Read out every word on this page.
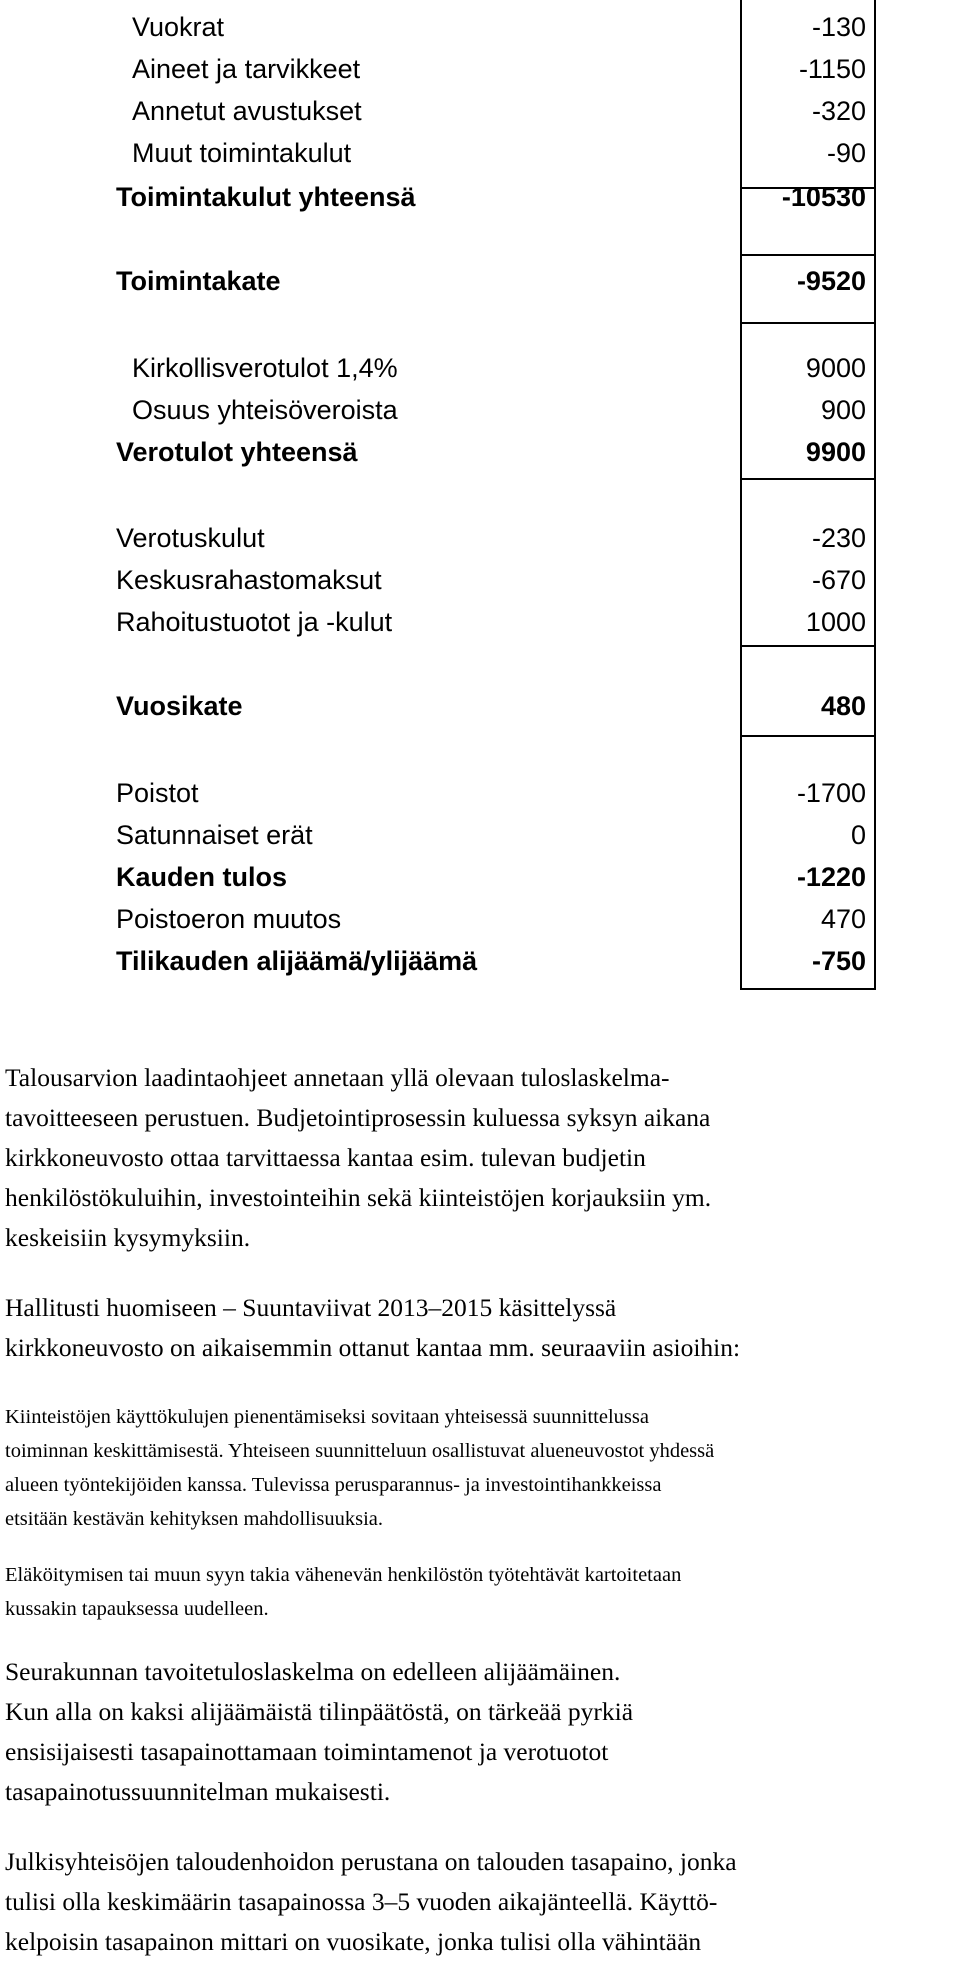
Vuokrat	-130
Aineet ja tarvikkeet	-1150
Annetut avustukset	-320
Muut toimintakulut	-90
Toimintakulut yhteensä	-10530
Toimintakate	-9520
Kirkollisverotulot 1,4%	9000
Osuus yhteisöveroista	900
Verotulot yhteensä	9900
Verotuskulut	-230
Keskusrahastomaksut	-670
Rahoitustuotot ja -kulut	1000
Vuosikate	480
Poistot	-1700
Satunnaiset erät	0
Kauden tulos	-1220
Poistoeron muutos	470
Tilikauden alijäämä/ylijäämä	-750
Talousarvion laadintaohjeet annetaan yllä olevaan tuloslaskelma-
tavoitteeseen perustuen. Budjetointiprosessin kuluessa syksyn aikana
kirkkoneuvosto ottaa tarvittaessa kantaa esim. tulevan budjetin
henkilöstökuluihin, investointeihin sekä kiinteistöjen korjauksiin ym.
keskeisiin kysymyksiin.
Hallitusti huomiseen – Suuntaviivat 2013–2015 käsittelyssä
kirkkoneuvosto on aikaisemmin ottanut kantaa mm. seuraaviin asioihin:
Kiinteistöjen käyttökulujen pienentämiseksi sovitaan yhteisessä suunnittelussa
toiminnan keskittämisestä. Yhteiseen suunnitteluun osallistuvat alueneuvostot yhdessä
alueen työntekijöiden kanssa. Tulevissa perusparannus- ja investointihankkeissa
etsitään kestävän kehityksen mahdollisuuksia.
Eläköitymisen tai muun syyn takia vähenevän henkilöstön työtehtävät kartoitetaan
kussakin tapauksessa uudelleen.
Seurakunnan tavoitetuloslaskelma on edelleen alijäämäinen.
Kun alla on kaksi alijäämäistä tilinpäätöstä, on tärkeää pyrkiä
ensisijaisesti tasapainottamaan toimintamenot ja verotuotot
tasapainotussuunnitelman mukaisesti.
Julkisyhteisöjen taloudenhoidon perustana on talouden tasapaino, jonka
tulisi olla keskimäärin tasapainossa 3–5 vuoden aikajänteellä. Käyttö-
kelpoisin tasapainon mittari on vuosikate, jonka tulisi olla vähintään
